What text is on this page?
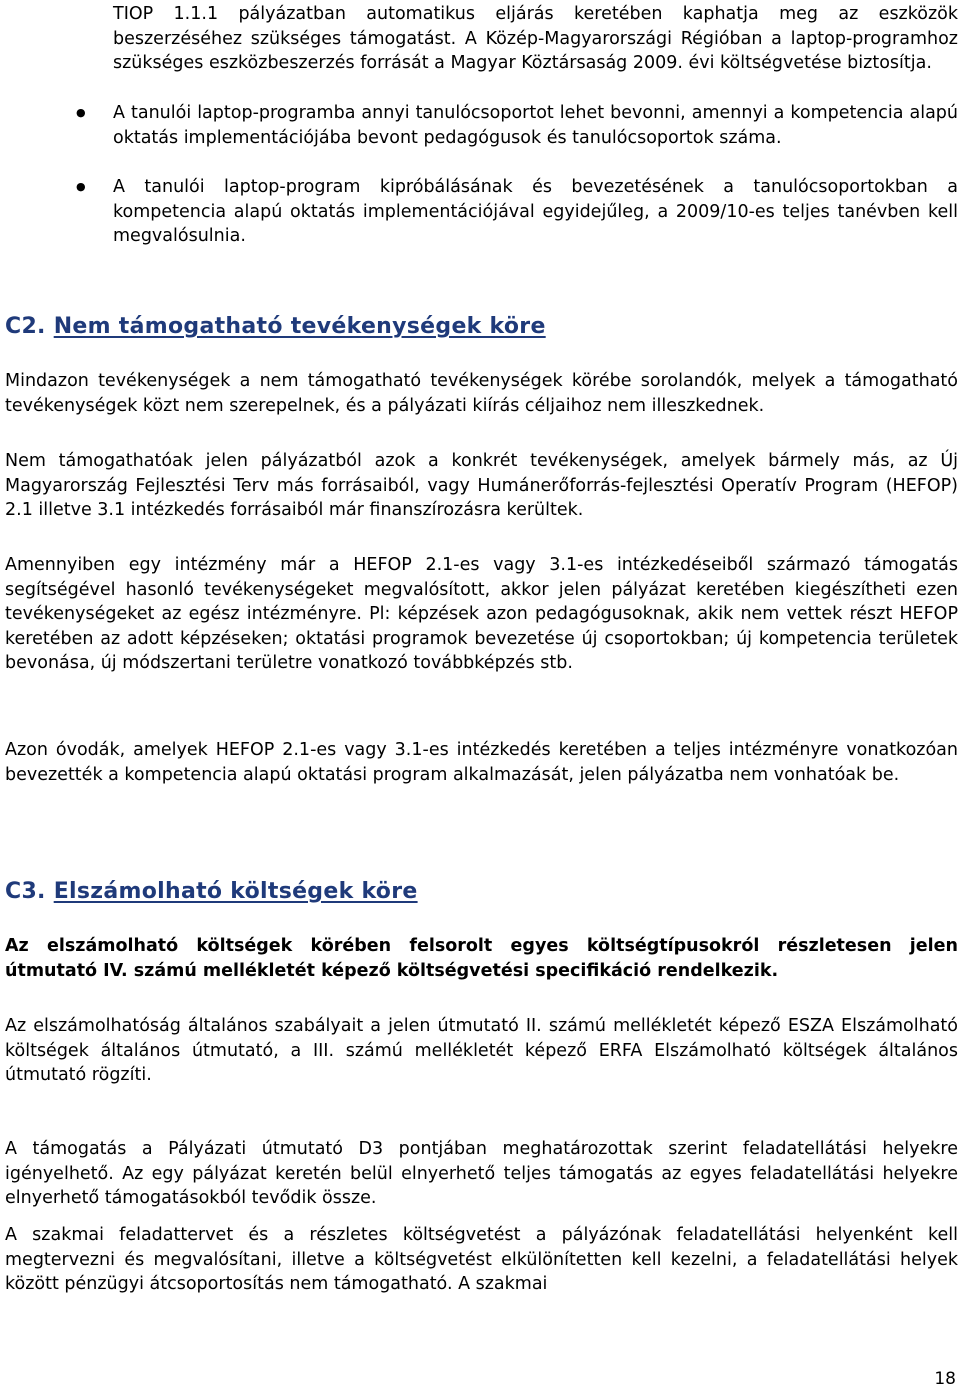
TIOP 1.1.1 pályázatban automatikus eljárás keretében kaphatja meg az eszközök beszerzéséhez szükséges támogatást. A Közép-Magyarországi Régióban a laptop-programhoz szükséges eszközbeszerzés forrását a Magyar Köztársaság 2009. évi költségvetése biztosítja.
● A tanulói laptop-programba annyi tanulócsoportot lehet bevonni, amennyi a kompetencia alapú oktatás implementációjába bevont pedagógusok és tanulócsoportok száma.
● A tanulói laptop-program kipróbálásának és bevezetésének a tanulócsoportokban a kompetencia alapú oktatás implementációjával egyidejűleg, a 2009/10-es teljes tanévben kell megvalósulnia.
C2. Nem támogatható tevékenységek köre

Mindazon tevékenységek a nem támogatható tevékenységek körébe sorolandók, melyek a támogatható tevékenységek közt nem szerepelnek, és a pályázati kiírás céljaihoz nem illeszkednek.

Nem támogathatóak jelen pályázatból azok a konkrét tevékenységek, amelyek bármely más, az Új Magyarország Fejlesztési Terv más forrásaiból, vagy Humánerőforrás-fejlesztési Operatív Program (HEFOP) 2.1 illetve 3.1 intézkedés forrásaiból már finanszírozásra kerültek.

Amennyiben egy intézmény már a HEFOP 2.1-es vagy 3.1-es intézkedéseiből származó támogatás segítségével hasonló tevékenységeket megvalósított, akkor jelen pályázat keretében kiegészítheti ezen tevékenységeket az egész intézményre. Pl: képzések azon pedagógusoknak, akik nem vettek részt HEFOP keretében az adott képzéseken; oktatási programok bevezetése új csoportokban; új kompetencia területek bevonása, új módszertani területre vonatkozó továbbképzés stb.

Azon óvodák, amelyek HEFOP 2.1-es vagy 3.1-es intézkedés keretében a teljes intézményre vonatkozóan bevezették a kompetencia alapú oktatási program alkalmazását, jelen pályázatba nem vonhatóak be.

C3. Elszámolható költségek köre

Az elszámolható költségek körében felsorolt egyes költségtípusokról részletesen jelen útmutató IV. számú mellékletét képező költségvetési specifikáció rendelkezik.

Az elszámolhatóság általános szabályait a jelen útmutató II. számú mellékletét képező ESZA Elszámolható költségek általános útmutató, a III. számú mellékletét képező ERFA Elszámolható költségek általános útmutató rögzíti.

A támogatás a Pályázati útmutató D3 pontjában meghatározottak szerint feladatellátási helyekre igényelhető. Az egy pályázat keretén belül elnyerhető teljes támogatás az egyes feladatellátási helyekre elnyerhető támogatásokból tevődik össze.

A szakmai feladattervet és a részletes költségvetést a pályázónak feladatellátási helyenként kell megtervezni és megvalósítani, illetve a költségvetést elkülönítetten kell kezelni, a feladatellátási helyek között pénzügyi átcsoportosítás nem támogatható. A szakmai

18
